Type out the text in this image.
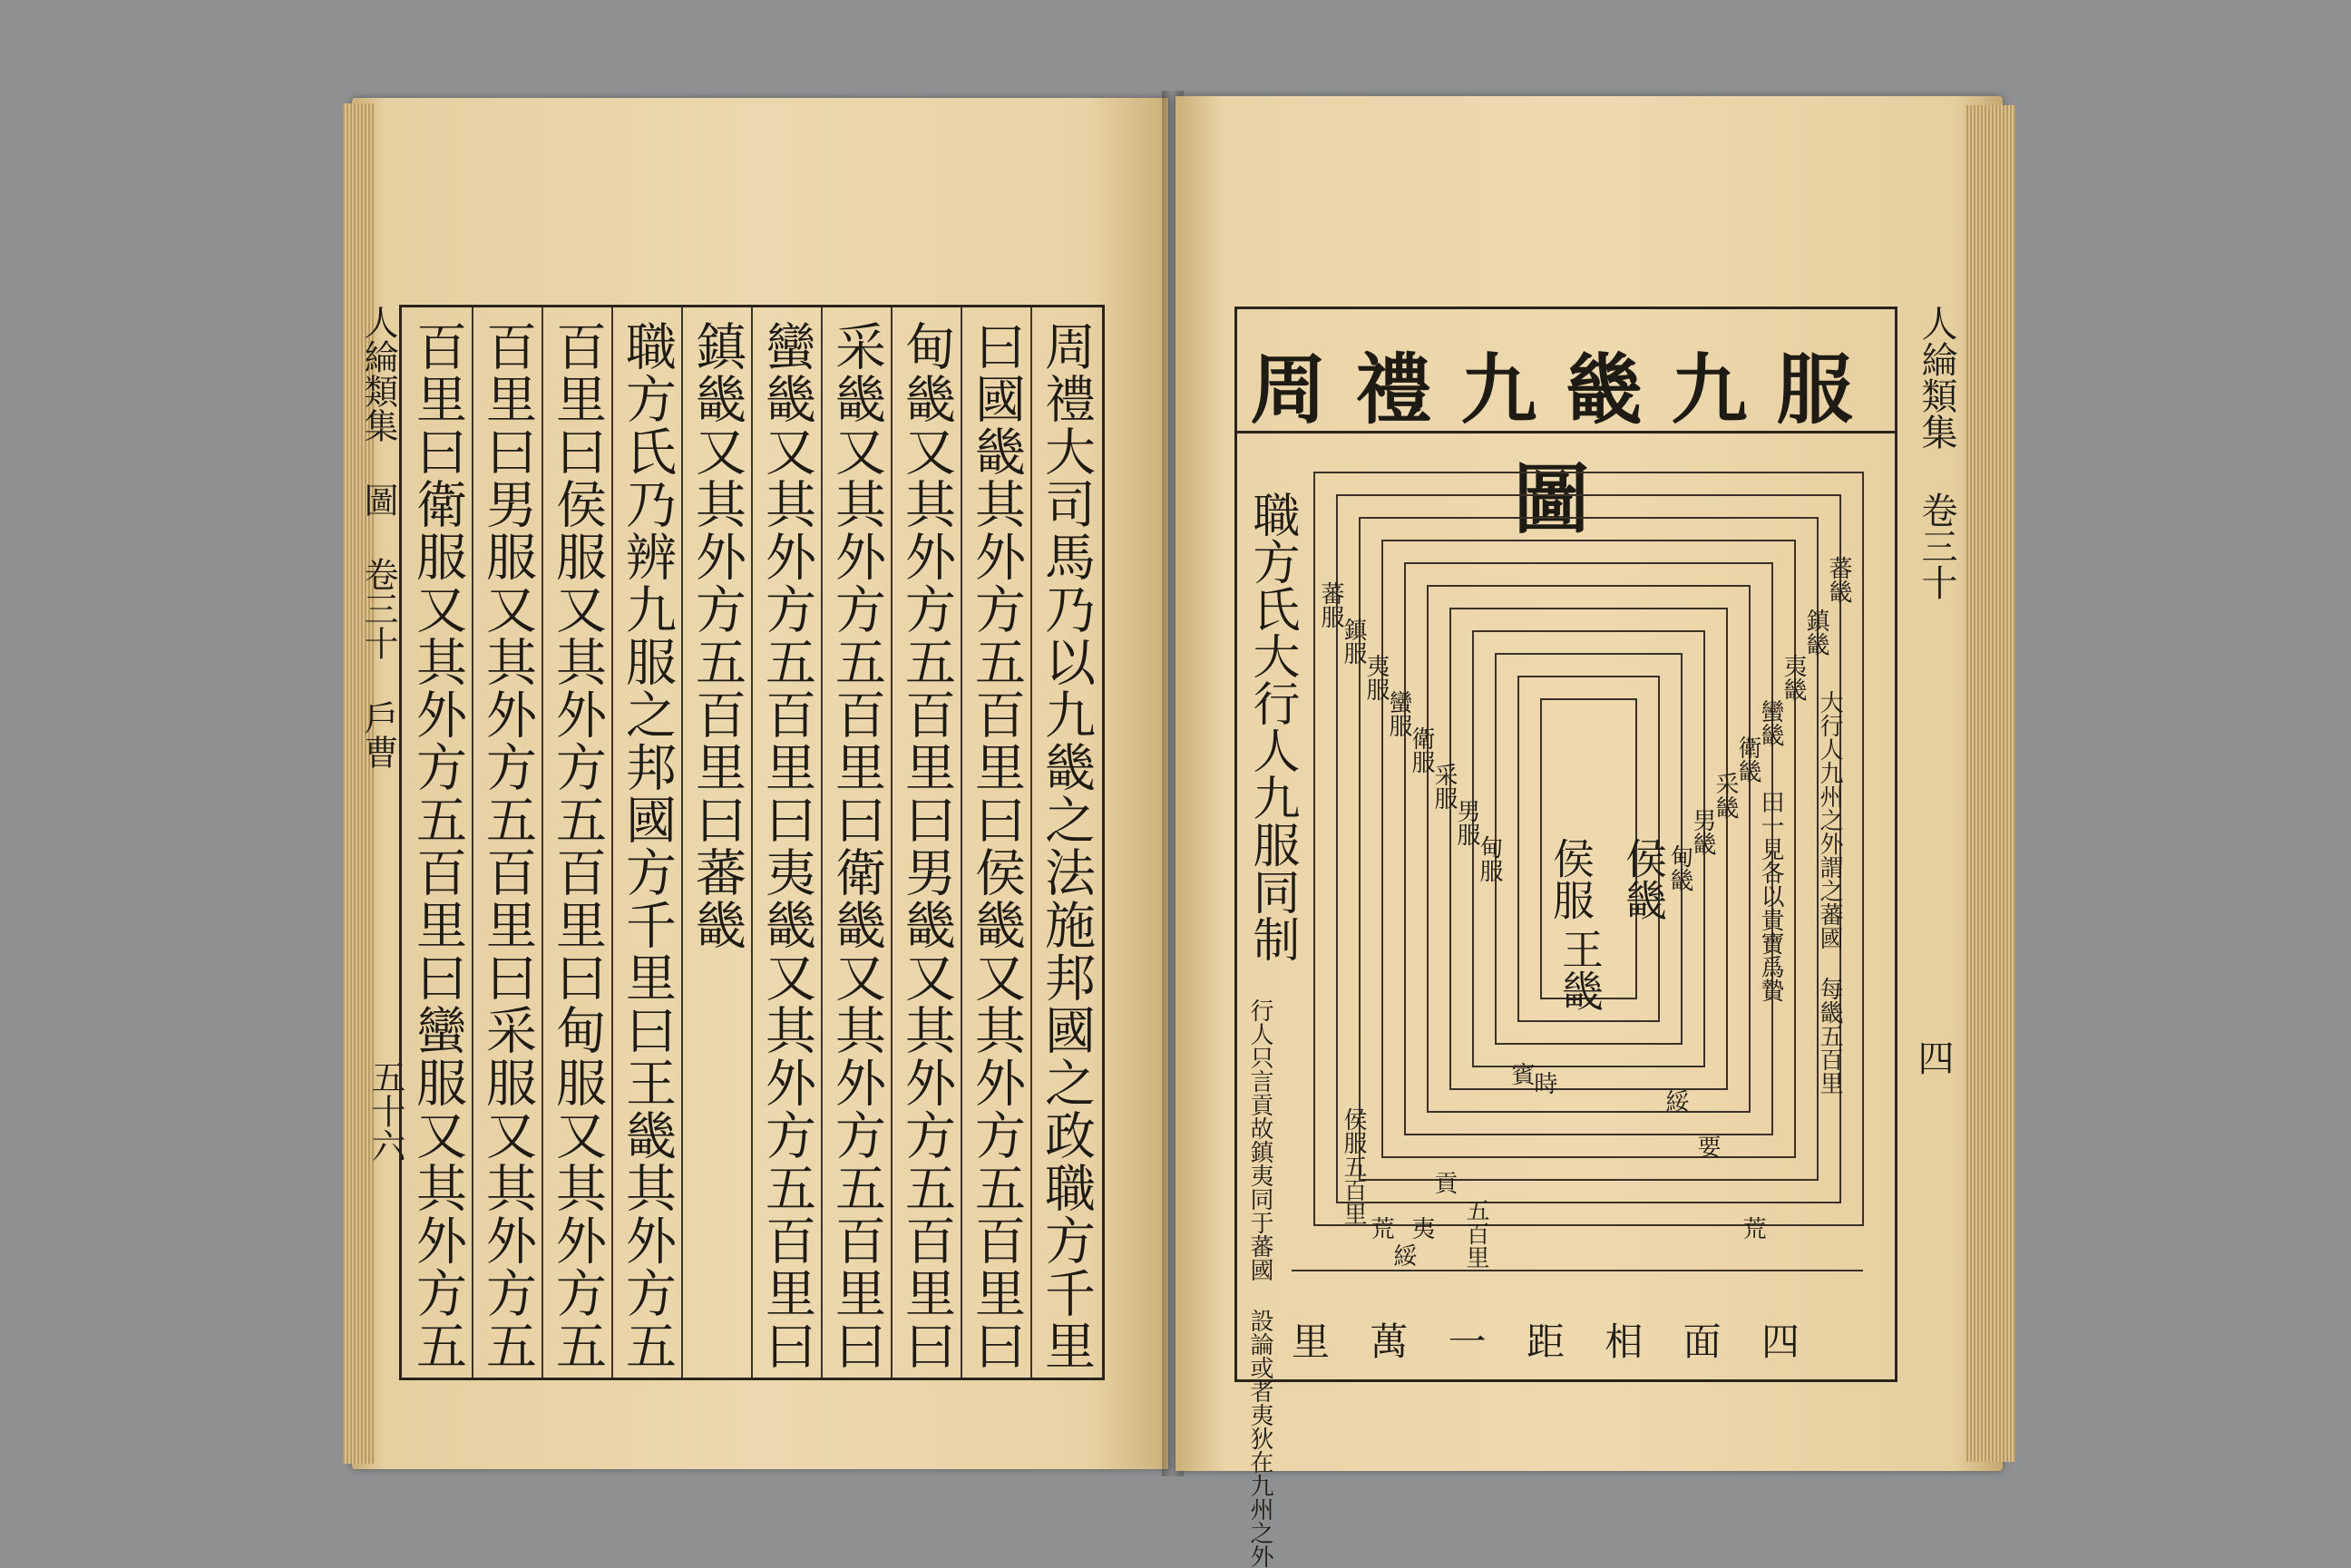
人綸類集 圖 卷三十 戶曹
五十六	周禮大司馬乃以九畿之法施邦國之政職方千里
曰國畿其外方五百里曰侯畿又其外方五百里曰
甸畿又其外方五百里曰男畿又其外方五百里曰
采畿又其外方五百里曰衛畿又其外方五百里曰
蠻畿又其外方五百里曰夷畿又其外方五百里曰
鎮畿又其外方五百里曰蕃畿
職方氏乃辨九服之邦國方千里曰王畿其外方五
百里曰侯服又其外方五百里曰甸服又其外方五
百里曰男服又其外方五百里曰采服又其外方五
百里曰衛服又其外方五百里曰蠻服又其外方五	人綸類集 卷三十
四
周禮九畿九服圖
職方氏大行人九服同制
行人只言貢故鎮夷同于蕃國 設論或者夷狄在九州之外
侯畿
王畿
侯服
蕃畿
鎮畿
夷畿
蠻畿
衛畿
采畿
男畿
甸畿
蕃服
鎮服
夷服
蠻服
衛服
采服
男服
甸服	大行人九州之外謂之蕃國 每畿五百里
田一見各以貴寶爲贄
要
綏
賓
時
貢
荒
綏
荒 夷 五百里
侯服五百里
里 萬 一 距 相 面 四
